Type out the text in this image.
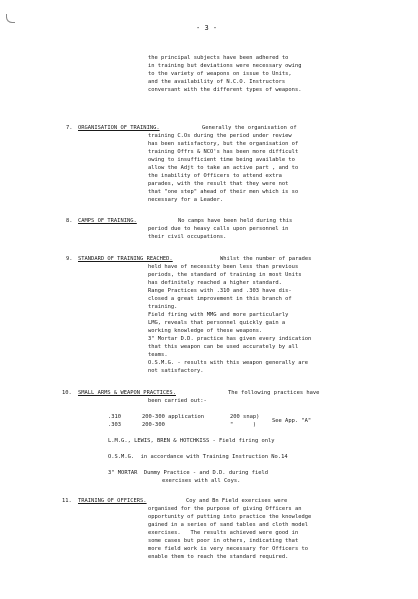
- 3 -
the principal subjects have been adhered to
in training but deviations were necessary owing
to the variety of weapons on issue to Units,
and the availability of N.C.O. Instructors
conversant with the different types of weapons.
7. ORGANISATION OF TRAINING.	Generally the organisation of
training C.Os during the period under review
has been satisfactory, but the organisation of
training Offrs & NCO's has been more difficult
owing to insufficient time being available to
allow the Adjt to take an active part , and to
the inability of Officers to attend extra
parades, with the result that they were not
that "one step" ahead of their men which is so
necessary for a Leader.
8. CAMPS OF TRAINING.	No camps have been held during this
period due to heavy calls upon personnel in
their civil occupations.
9. STANDARD OF TRAINING REACHED.	Whilst the number of parades
held have of necessity been less than previous
periods, the standard of training in most Units
has definitely reached a higher standard.
Range Practices with .310 and .303 have dis-
closed a great improvement in this branch of
training.
Field firing with MMG and more particularly
LMG, reveals that personnel quickly gain a
working knowledge of these weapons.
3" Mortar D.D. practice has given every indication
that this weapon can be used accurately by all
teams.
O.S.M.G. - results with this weapon generally are
not satisfactory.
10. SMALL ARMS & WEAPON PRACTICES.	The following practices have
been carried out:-
.310	200-300 application	200 snap)
.303	200-300	"      )
See App. "A"
L.M.G., LEWIS, BREN & HOTCHKISS - Field firing only
O.S.M.G.  in accordance with Training Instruction No.14
3" MORTAR  Dummy Practice - and D.D. during field
exercises with all Coys.
11. TRAINING OF OFFICERS.	Coy and Bn Field exercises were
organised for the purpose of giving Officers an
opportunity of putting into practice the knowledge
gained in a series of sand tables and cloth model
exercises.   The results achieved were good in
some cases but poor in others, indicating that
more field work is very necessary for Officers to
enable them to reach the standard required.
